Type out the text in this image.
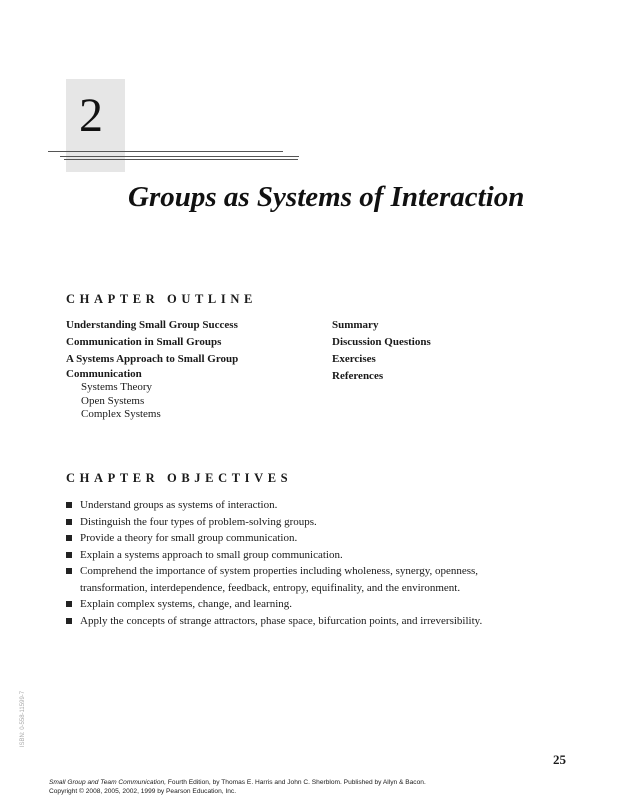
2
Groups as Systems of Interaction
CHAPTER OUTLINE
Understanding Small Group Success
Communication in Small Groups
A Systems Approach to Small Group
Communication
Systems Theory
Open Systems
Complex Systems
Summary
Discussion Questions
Exercises
References
CHAPTER OBJECTIVES
Understand groups as systems of interaction.
Distinguish the four types of problem-solving groups.
Provide a theory for small group communication.
Explain a systems approach to small group communication.
Comprehend the importance of system properties including wholeness, synergy, openness, transformation, interdependence, feedback, entropy, equifinality, and the environment.
Explain complex systems, change, and learning.
Apply the concepts of strange attractors, phase space, bifurcation points, and irreversibility.
ISBN: 0-558-11599-7
25
Small Group and Team Communication, Fourth Edition, by Thomas E. Harris and John C. Sherblom. Published by Allyn & Bacon.
Copyright © 2008, 2005, 2002, 1999 by Pearson Education, Inc.
